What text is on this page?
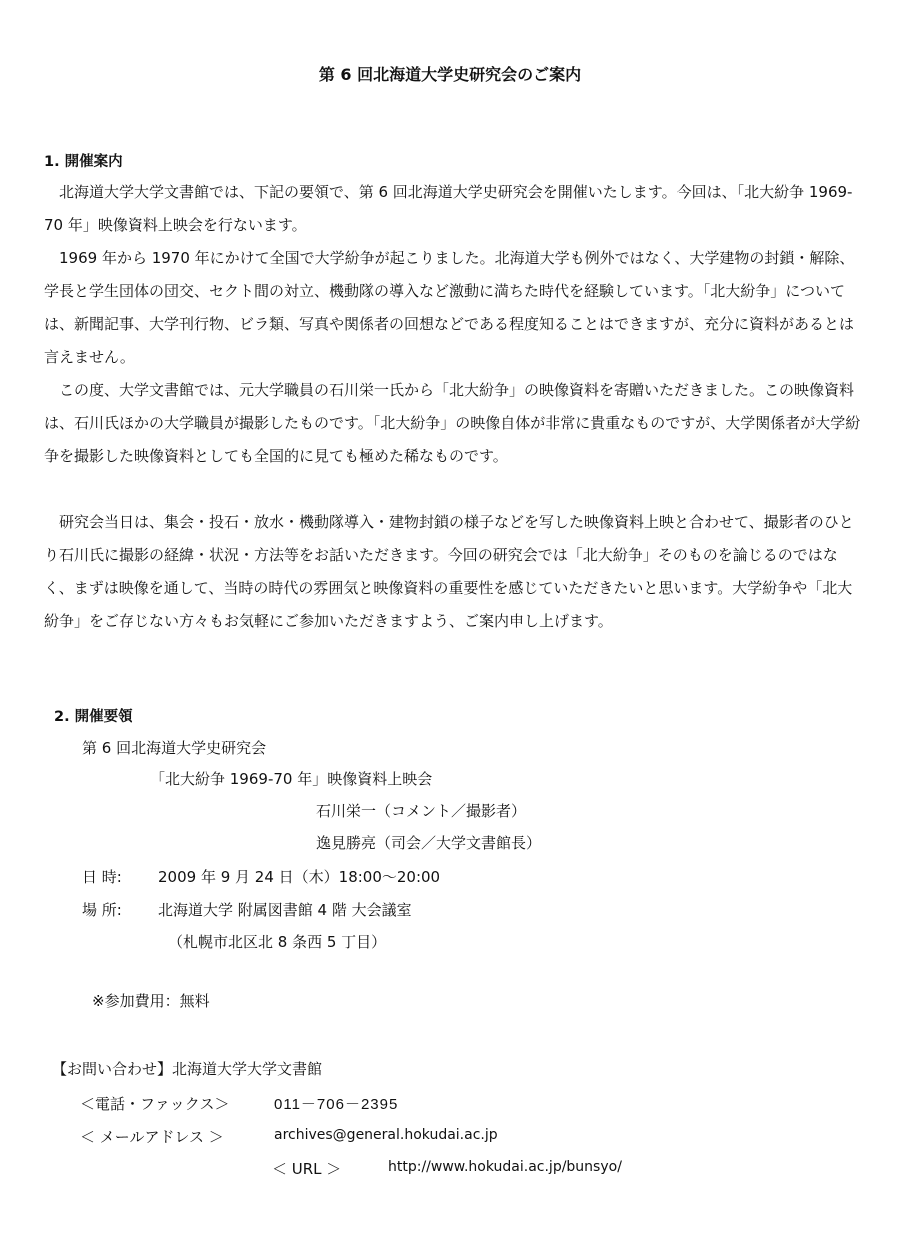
第 6 回北海道大学史研究会のご案内
1. 開催案内
北海道大学大学文書館では、下記の要領で、第 6 回北海道大学史研究会を開催いたします。今回は、「北大紛争 1969-70 年」映像資料上映会を行ないます。
1969 年から 1970 年にかけて全国で大学紛争が起こりました。北海道大学も例外ではなく、大学建物の封鎖・解除、学長と学生団体の団交、セクト間の対立、機動隊の導入など激動に満ちた時代を経験しています。「北大紛争」については、新聞記事、大学刊行物、ビラ類、写真や関係者の回想などである程度知ることはできますが、充分に資料があるとは言えません。
この度、大学文書館では、元大学職員の石川栄一氏から「北大紛争」の映像資料を寄贈いただきました。この映像資料は、石川氏ほかの大学職員が撮影したものです。「北大紛争」の映像自体が非常に貴重なものですが、大学関係者が大学紛争を撮影した映像資料としても全国的に見ても極めた稀なものです。
研究会当日は、集会・投石・放水・機動隊導入・建物封鎖の様子などを写した映像資料上映と合わせて、撮影者のひとり石川氏に撮影の経緯・状況・方法等をお話いただきます。今回の研究会では「北大紛争」そのものを論じるのではなく、まずは映像を通して、当時の時代の雰囲気と映像資料の重要性を感じていただきたいと思います。大学紛争や「北大紛争」をご存じない方々もお気軽にご参加いただきますよう、ご案内申し上げます。
2. 開催要領
第 6 回北海道大学史研究会
「北大紛争 1969-70 年」映像資料上映会
石川栄一（コメント／撮影者）
逸見勝亮（司会／大学文書館長）
日 時: 2009 年 9 月 24 日（木）18:00～20:00
場 所: 北海道大学 附属図書館 4 階 大会議室
（札幌市北区北 8 条西 5 丁目）
※参加費用：無料
【お問い合わせ】北海道大学大学文書館
＜電話・ファックス＞	011－706－2395
＜ メールアドレス ＞	archives@general.hokudai.ac.jp
＜ URL ＞	http://www.hokudai.ac.jp/bunsyo/
